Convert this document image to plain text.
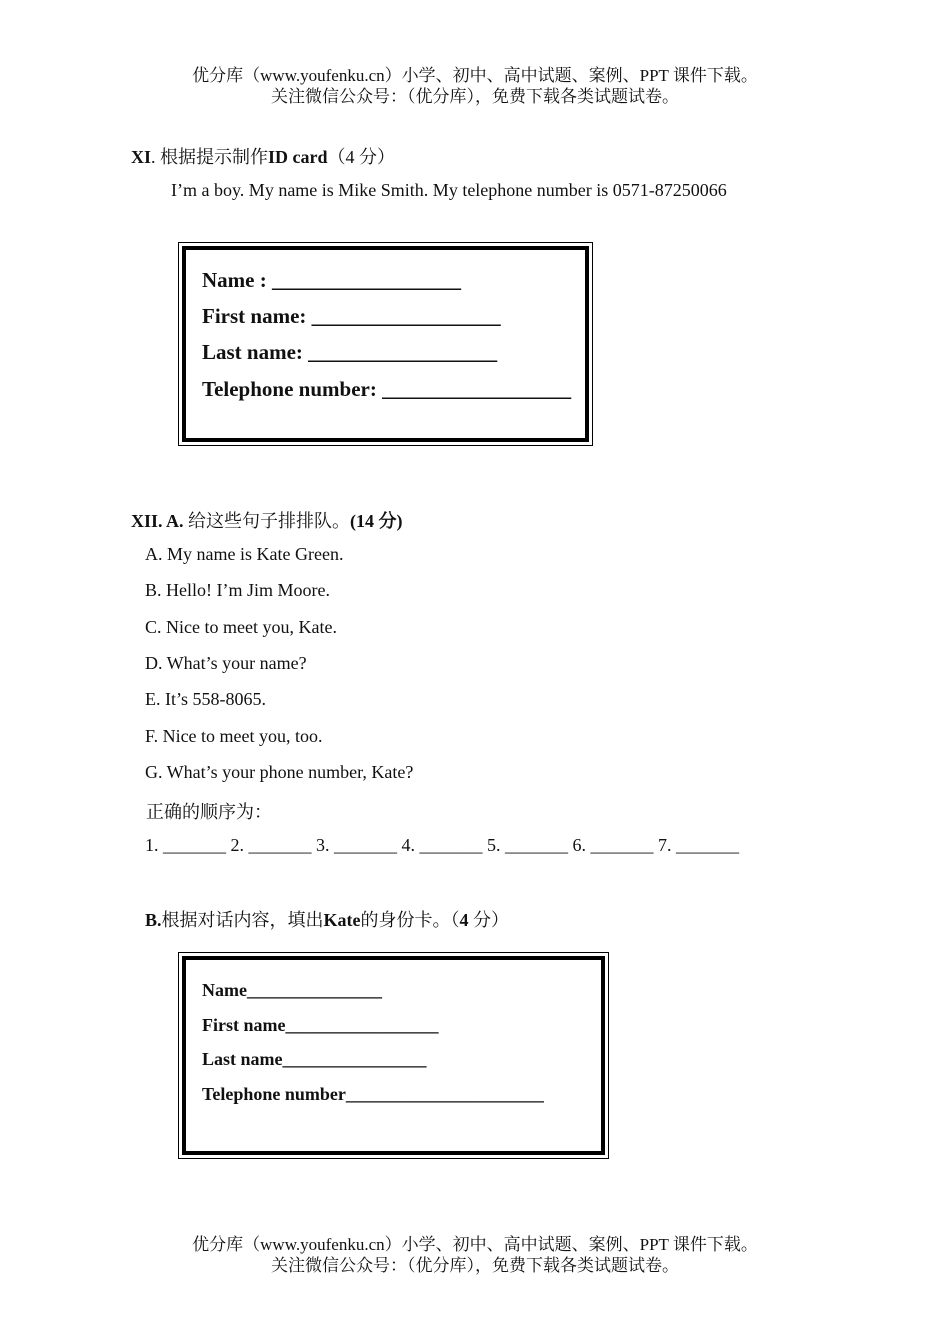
优分库（www.youfenku.cn）小学、初中、高中试题、案例、PPT 课件下载。
关注微信公众号：（优分库），免费下载各类试题试卷。
XI. 根据提示制作ID card（4 分）
I’m a boy. My name is Mike Smith. My telephone number is 0571-87250066
Name : __________________
First name: __________________
Last name: __________________
Telephone number: __________________
XII. A. 给这些句子排排队。(14 分)
A. My name is Kate Green.
B. Hello! I’m Jim Moore.
C. Nice to meet you, Kate.
D. What’s your name?
E. It’s 558-8065.
F. Nice to meet you, too.
G. What’s your phone number, Kate?
正确的顺序为：
1. _______ 2. _______ 3. _______ 4. _______ 5. _______ 6. _______ 7. _______
B.根据对话内容，填出Kate的身份卡。（4 分）
Name_______________
First name_________________
Last name________________
Telephone number______________________
优分库（www.youfenku.cn）小学、初中、高中试题、案例、PPT 课件下载。
关注微信公众号：（优分库），免费下载各类试题试卷。
